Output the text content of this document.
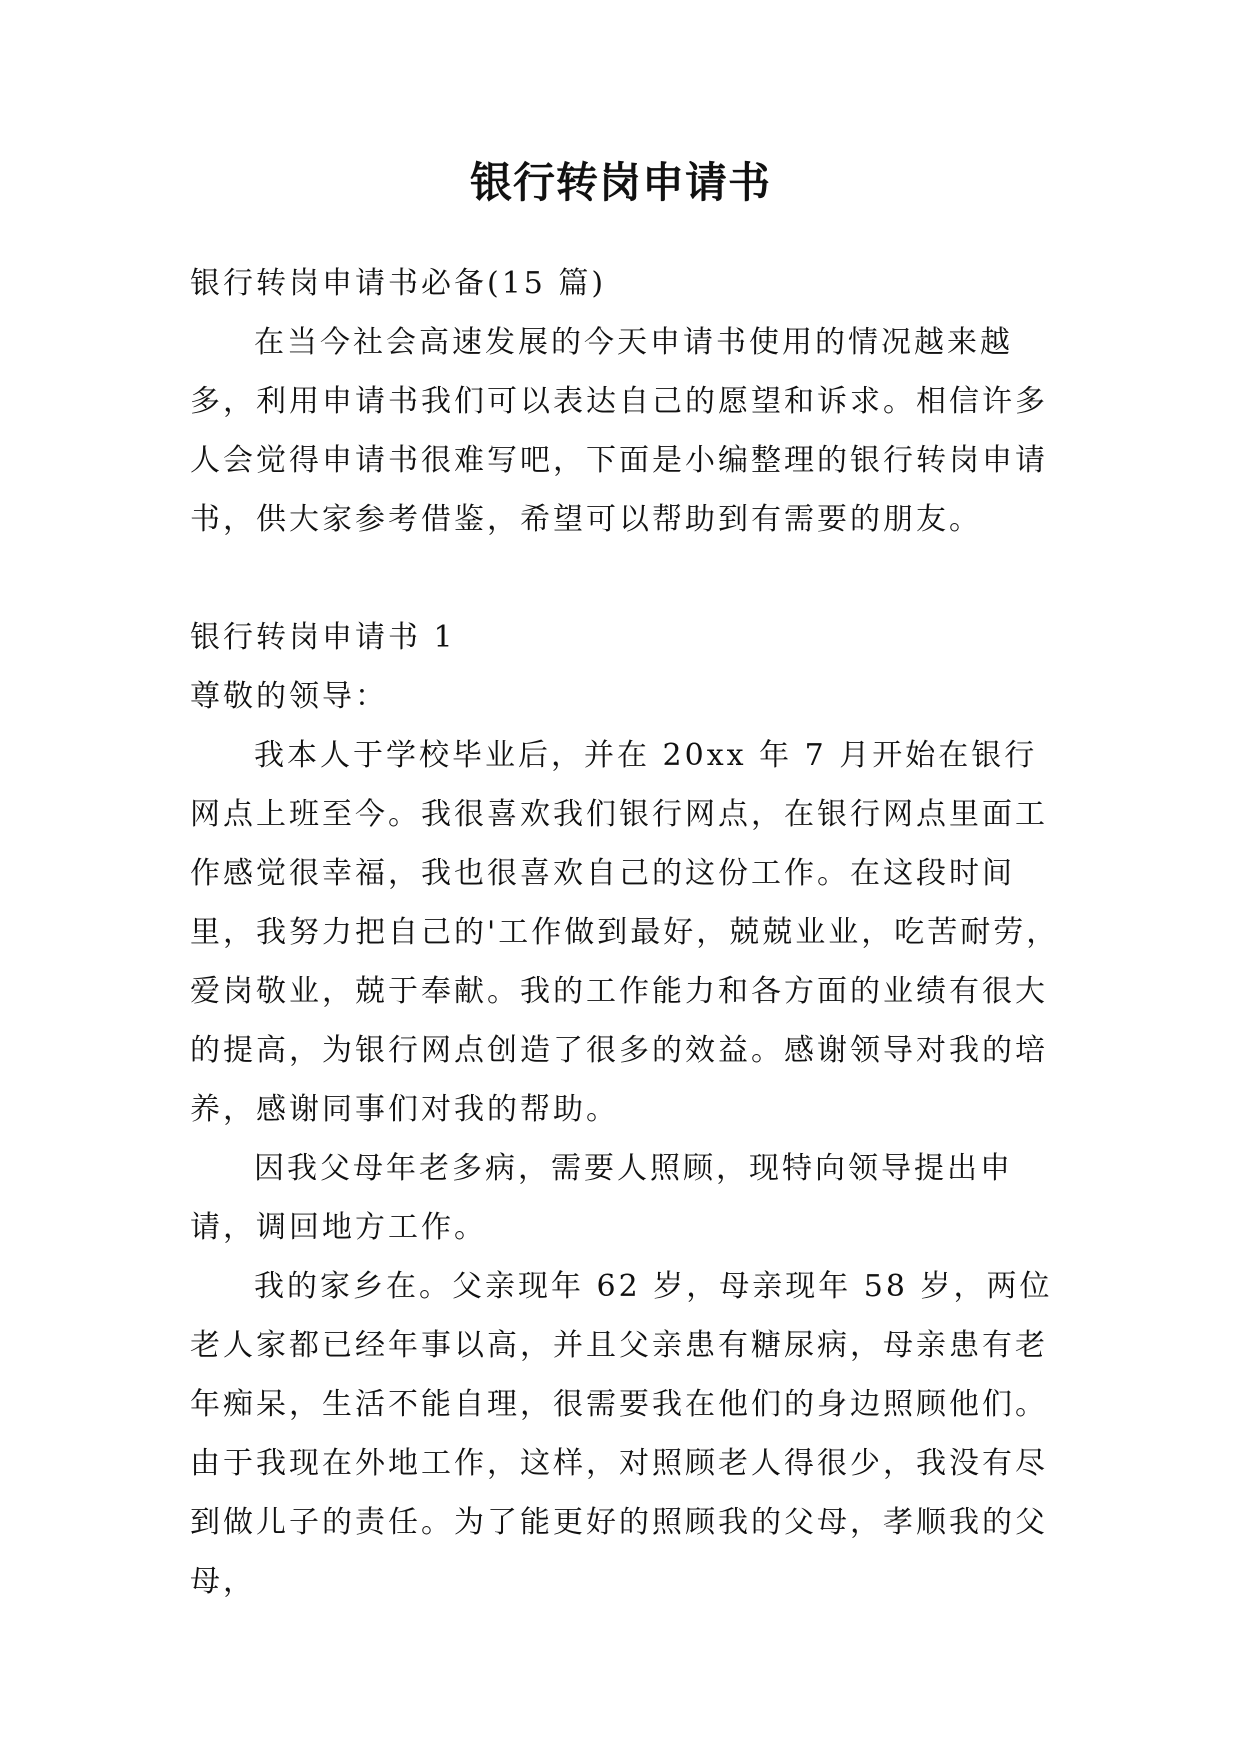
银行转岗申请书

银行转岗申请书必备(15 篇)

在当今社会高速发展的今天申请书使用的情况越来越多，利用申请书我们可以表达自己的愿望和诉求。相信许多人会觉得申请书很难写吧，下面是小编整理的银行转岗申请书，供大家参考借鉴，希望可以帮助到有需要的朋友。

银行转岗申请书 1

尊敬的领导：

我本人于学校毕业后，并在 20xx 年 7 月开始在银行网点上班至今。我很喜欢我们银行网点，在银行网点里面工作感觉很幸福，我也很喜欢自己的这份工作。在这段时间里，我努力把自己的'工作做到最好，兢兢业业，吃苦耐劳，爱岗敬业，兢于奉献。我的工作能力和各方面的业绩有很大的提高，为银行网点创造了很多的效益。感谢领导对我的培养，感谢同事们对我的帮助。

因我父母年老多病，需要人照顾，现特向领导提出申请，调回地方工作。

我的家乡在。父亲现年 62 岁，母亲现年 58 岁，两位老人家都已经年事以高，并且父亲患有糖尿病，母亲患有老年痴呆，生活不能自理，很需要我在他们的身边照顾他们。由于我现在外地工作，这样，对照顾老人得很少，我没有尽到做儿子的责任。为了能更好的照顾我的父母，孝顺我的父母，
